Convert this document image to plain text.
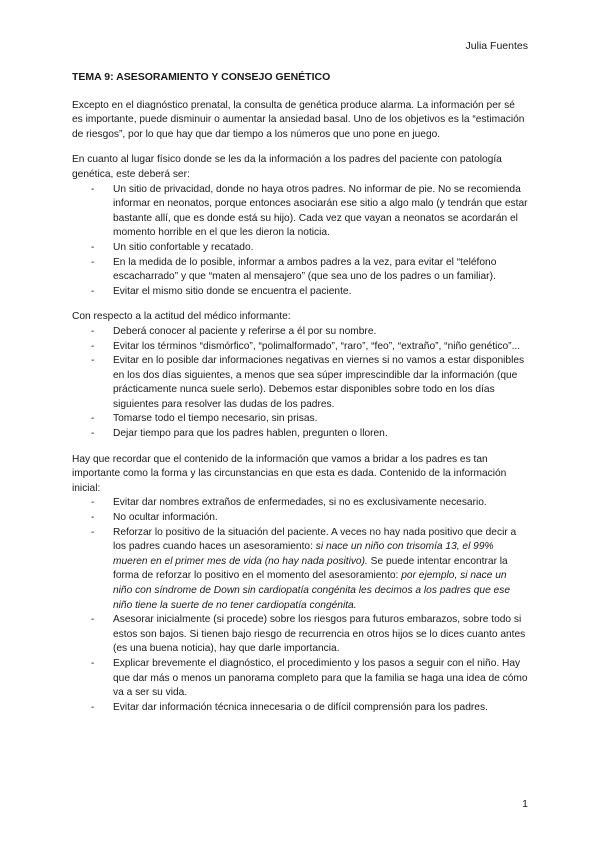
Julia Fuentes
TEMA 9: ASESORAMIENTO Y CONSEJO GENÉTICO

Excepto en el diagnóstico prenatal, la consulta de genética produce alarma. La información per sé es importante, puede disminuir o aumentar la ansiedad basal. Uno de los objetivos es la “estimación de riesgos”, por lo que hay que dar tiempo a los números que uno pone en juego.

En cuanto al lugar físico donde se les da la información a los padres del paciente con patología genética, este deberá ser:

- Un sitio de privacidad, donde no haya otros padres. No informar de pie. No se recomienda informar en neonatos, porque entonces asociarán ese sitio a algo malo (y tendrán que estar bastante allí, que es donde está su hijo). Cada vez que vayan a neonatos se acordarán el momento horrible en el que les dieron la noticia.
- Un sitio confortable y recatado.
- En la medida de lo posible, informar a ambos padres a la vez, para evitar el “teléfono escacharrado” y que “maten al mensajero” (que sea uno de los padres o un familiar).
- Evitar el mismo sitio donde se encuentra el paciente.

Con respecto a la actitud del médico informante:

- Deberá conocer al paciente y referirse a él por su nombre.
- Evitar los términos “dismórfico”, “polimalformado”, “raro”, “feo”, “extraño”, “niño genético”...
- Evitar en lo posible dar informaciones negativas en viernes si no vamos a estar disponibles en los dos días siguientes, a menos que sea súper imprescindible dar la información (que prácticamente nunca suele serlo). Debemos estar disponibles sobre todo en los días siguientes para resolver las dudas de los padres.
- Tomarse todo el tiempo necesario, sin prisas.
- Dejar tiempo para que los padres hablen, pregunten o lloren.

Hay que recordar que el contenido de la información que vamos a bridar a los padres es tan importante como la forma y las circunstancias en que esta es dada. Contenido de la información inicial:

- Evitar dar nombres extraños de enfermedades, si no es exclusivamente necesario.
- No ocultar información.
- Reforzar lo positivo de la situación del paciente. A veces no hay nada positivo que decir a los padres cuando haces un asesoramiento: si nace un niño con trisomía 13, el 99% mueren en el primer mes de vida (no hay nada positivo). Se puede intentar encontrar la forma de reforzar lo positivo en el momento del asesoramiento: por ejemplo, si nace un niño con síndrome de Down sin cardiopatía congénita les decimos a los padres que ese niño tiene la suerte de no tener cardiopatía congénita.
- Asesorar inicialmente (si procede) sobre los riesgos para futuros embarazos, sobre todo si estos son bajos. Si tienen bajo riesgo de recurrencia en otros hijos se lo dices cuanto antes (es una buena noticia), hay que darle importancia.
- Explicar brevemente el diagnóstico, el procedimiento y los pasos a seguir con el niño. Hay que dar más o menos un panorama completo para que la familia se haga una idea de cómo va a ser su vida.
- Evitar dar información técnica innecesaria o de difícil comprensión para los padres.
1
